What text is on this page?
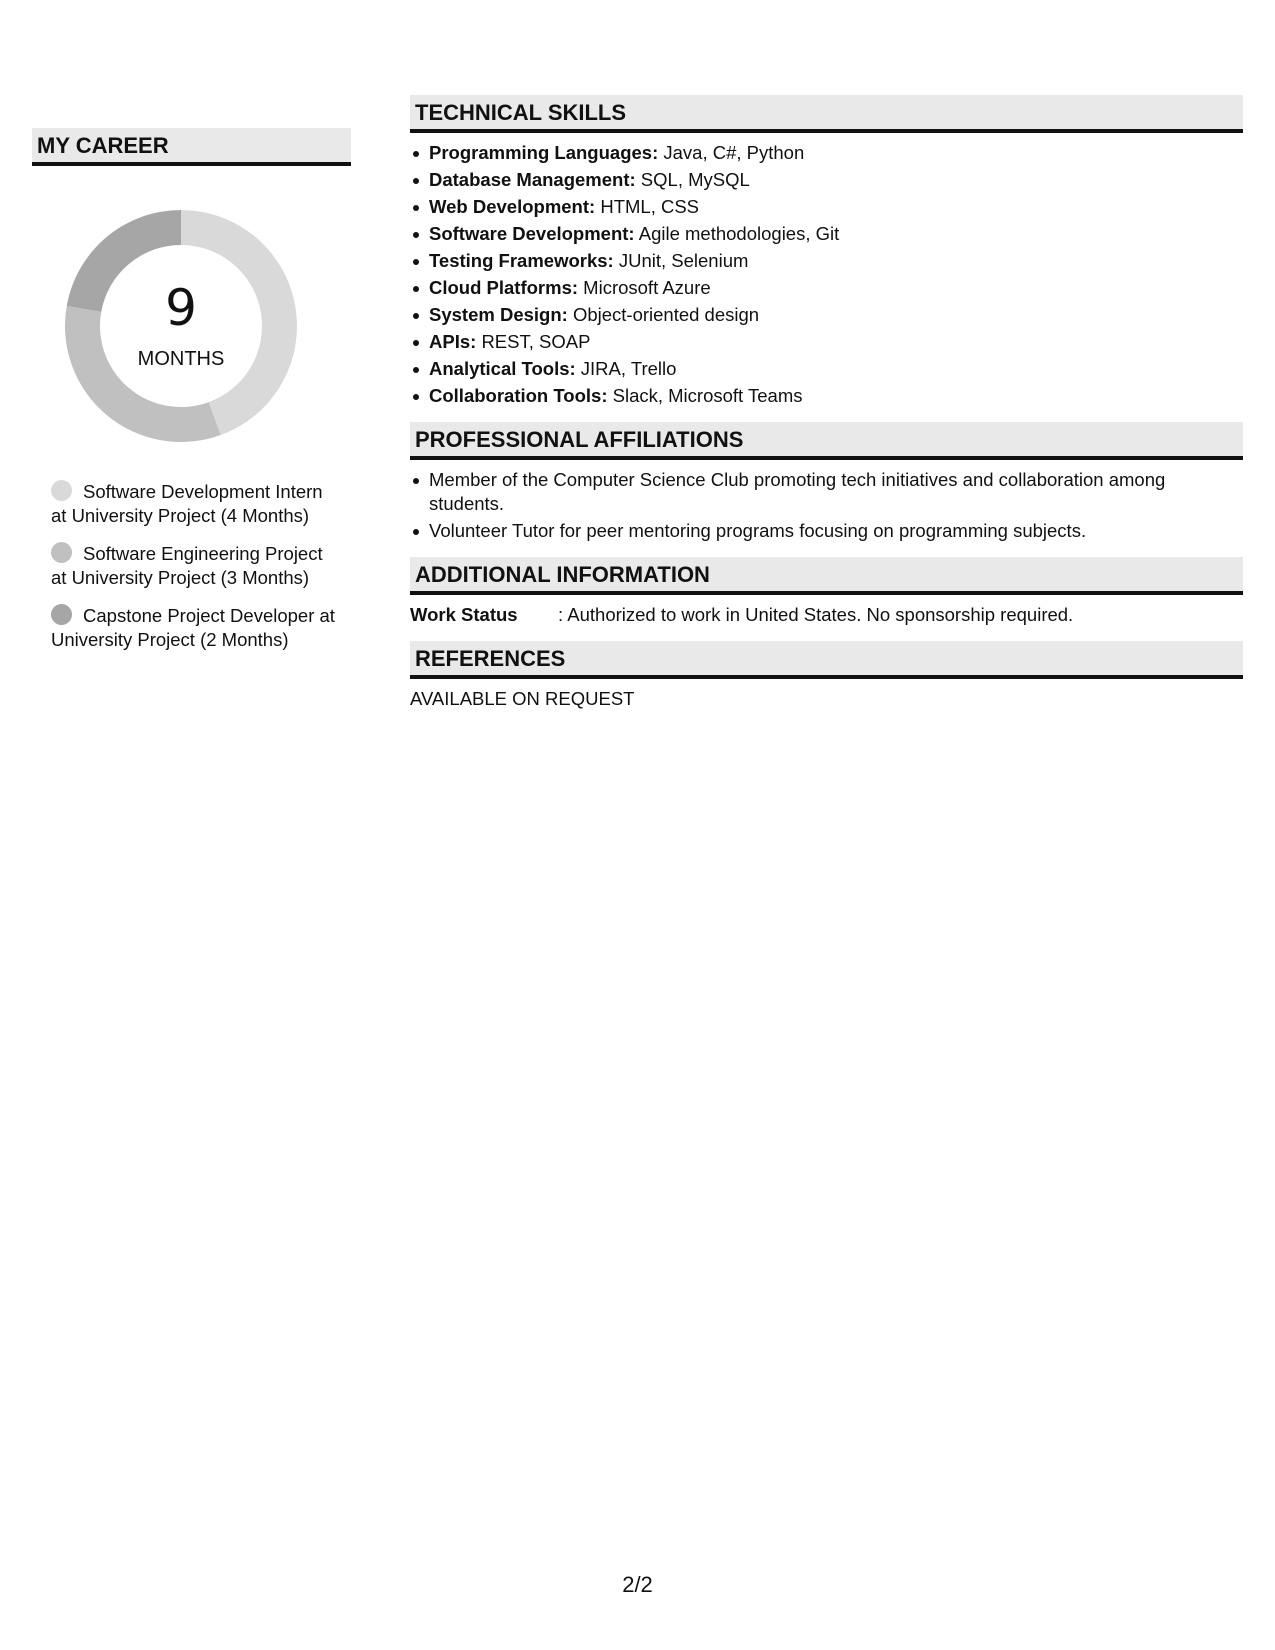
MY CAREER
9
MONTHS
Software Development Intern at University Project (4 Months)
Software Engineering Project at University Project (3 Months)
Capstone Project Developer at University Project (2 Months)
TECHNICAL SKILLS
Programming Languages: Java, C#, Python
Database Management: SQL, MySQL
Web Development: HTML, CSS
Software Development: Agile methodologies, Git
Testing Frameworks: JUnit, Selenium
Cloud Platforms: Microsoft Azure
System Design: Object-oriented design
APIs: REST, SOAP
Analytical Tools: JIRA, Trello
Collaboration Tools: Slack, Microsoft Teams
PROFESSIONAL AFFILIATIONS
Member of the Computer Science Club promoting tech initiatives and collaboration among students.
Volunteer Tutor for peer mentoring programs focusing on programming subjects.
ADDITIONAL INFORMATION
Work Status : Authorized to work in United States. No sponsorship required.
REFERENCES
AVAILABLE ON REQUEST
2/2
